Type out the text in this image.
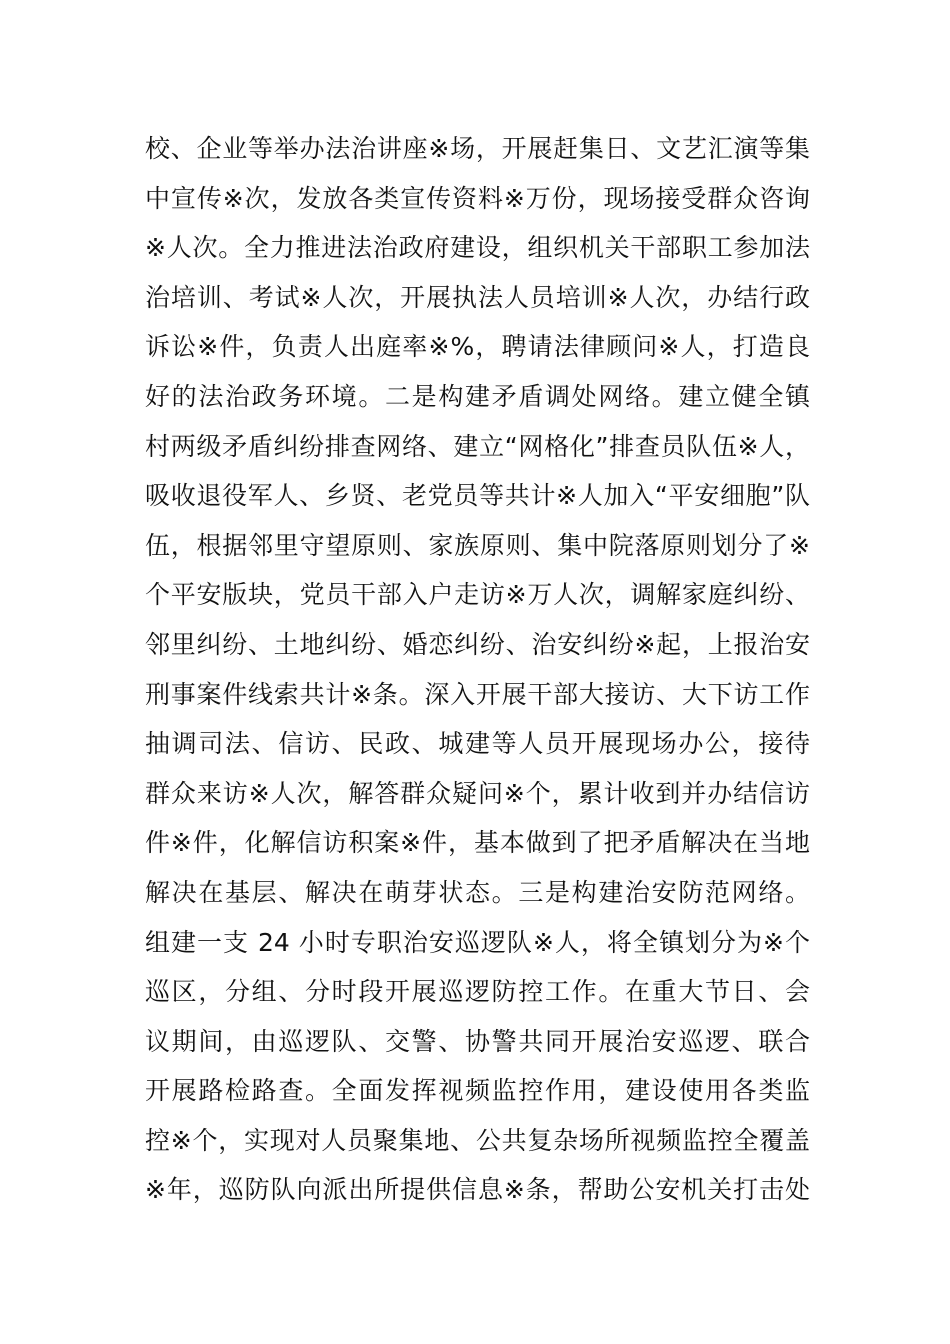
校、企业等举办法治讲座※场，开展赶集日、文艺汇演等集
中宣传※次，发放各类宣传资料※万份，现场接受群众咨询
※人次。全力推进法治政府建设，组织机关干部职工参加法
治培训、考试※人次，开展执法人员培训※人次，办结行政
诉讼※件，负责人出庭率※%，聘请法律顾问※人，打造良
好的法治政务环境。二是构建矛盾调处网络。建立健全镇
村两级矛盾纠纷排查网络、建立“网格化”排查员队伍※人，
吸收退役军人、乡贤、老党员等共计※人加入“平安细胞”队
伍，根据邻里守望原则、家族原则、集中院落原则划分了※
个平安版块，党员干部入户走访※万人次，调解家庭纠纷、
邻里纠纷、土地纠纷、婚恋纠纷、治安纠纷※起，上报治安
刑事案件线索共计※条。深入开展干部大接访、大下访工作
抽调司法、信访、民政、城建等人员开展现场办公，接待
群众来访※人次，解答群众疑问※个，累计收到并办结信访
件※件，化解信访积案※件，基本做到了把矛盾解决在当地
解决在基层、解决在萌芽状态。三是构建治安防范网络。
组建一支 24 小时专职治安巡逻队※人，将全镇划分为※个
巡区，分组、分时段开展巡逻防控工作。在重大节日、会
议期间，由巡逻队、交警、协警共同开展治安巡逻、联合
开展路检路查。全面发挥视频监控作用，建设使用各类监
控※个，实现对人员聚集地、公共复杂场所视频监控全覆盖
※年，巡防队向派出所提供信息※条，帮助公安机关打击处
